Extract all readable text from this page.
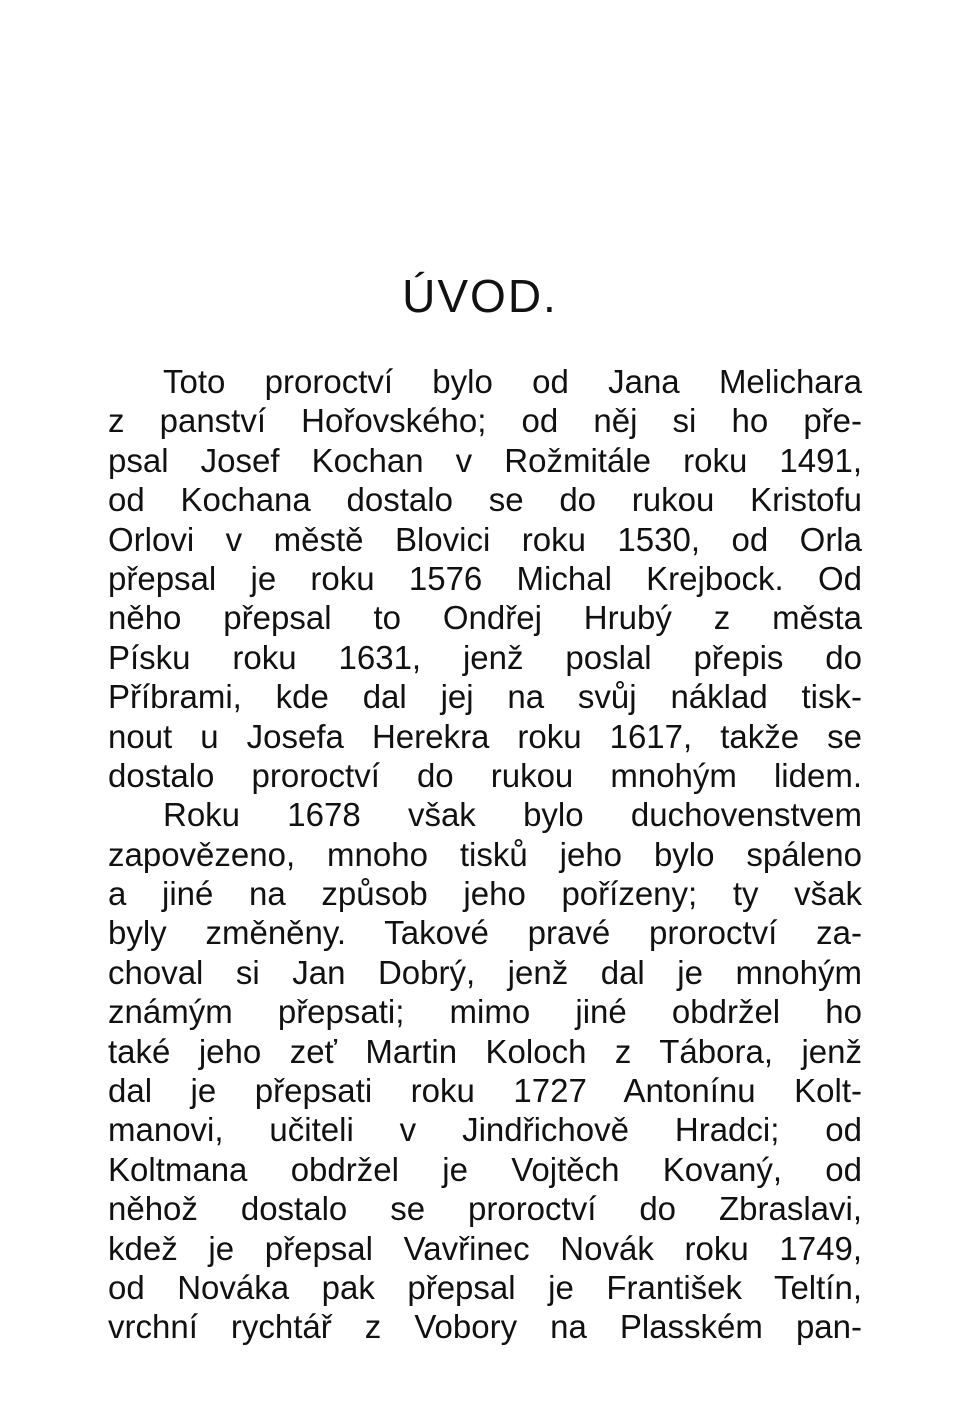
ÚVOD.
Toto proroctví bylo od Jana Melichara
z panství Hořovského; od něj si ho pře-
psal Josef Kochan v Rožmitále roku 1491,
od Kochana dostalo se do rukou Kristofu
Orlovi v městě Blovici roku 1530, od Orla
přepsal je roku 1576 Michal Krejbock. Od
něho přepsal to Ondřej Hrubý z města
Písku roku 1631, jenž poslal přepis do
Příbrami, kde dal jej na svůj náklad tisk-
nout u Josefa Herekra roku 1617, takže se
dostalo proroctví do rukou mnohým lidem.
Roku 1678 však bylo duchovenstvem
zapovězeno, mnoho tisků jeho bylo spáleno
a jiné na způsob jeho pořízeny; ty však
byly změněny. Takové pravé proroctví za-
choval si Jan Dobrý, jenž dal je mnohým
známým přepsati; mimo jiné obdržel ho
také jeho zeť Martin Koloch z Tábora, jenž
dal je přepsati roku 1727 Antonínu Kolt-
manovi, učiteli v Jindřichově Hradci; od
Koltmana obdržel je Vojtěch Kovaný, od
něhož dostalo se proroctví do Zbraslavi,
kdež je přepsal Vavřinec Novák roku 1749,
od Nováka pak přepsal je František Teltín,
vrchní rychtář z Vobory na Plasském pan-
